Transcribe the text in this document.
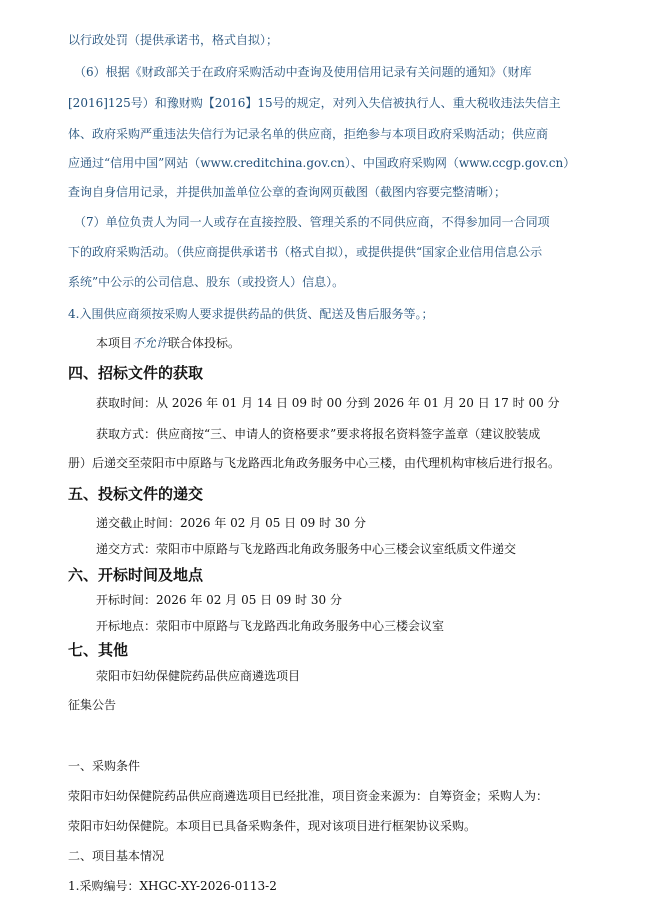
以行政处罚（提供承诺书，格式自拟）；

（6）根据《财政部关于在政府采购活动中查询及使用信用记录有关问题的通知》（财库

[2016]125号）和豫财购【2016】15号的规定，对列入失信被执行人、重大税收违法失信主

体、政府采购严重违法失信行为记录名单的供应商，拒绝参与本项目政府采购活动；供应商

应通过“信用中国”网站（www.creditchina.gov.cn）、中国政府采购网（www.ccgp.gov.cn）

查询自身信用记录，并提供加盖单位公章的查询网页截图（截图内容要完整清晰）；

（7）单位负责人为同一人或存在直接控股、管理关系的不同供应商，不得参加同一合同项

下的政府采购活动。（供应商提供承诺书（格式自拟），或提供提供“国家企业信用信息公示

系统”中公示的公司信息、股东（或投资人）信息）。

4.入围供应商须按采购人要求提供药品的供货、配送及售后服务等。；

本项目不允许联合体投标。

四、招标文件的获取

获取时间：从 2026 年 01 月 14 日 09 时 00 分到 2026 年 01 月 20 日 17 时 00 分

获取方式：供应商按“三、申请人的资格要求”要求将报名资料签字盖章（建议胶装成

册）后递交至荥阳市中原路与飞龙路西北角政务服务中心三楼，由代理机构审核后进行报名。

五、投标文件的递交

递交截止时间：2026 年 02 月 05 日 09 时 30 分

递交方式：荥阳市中原路与飞龙路西北角政务服务中心三楼会议室纸质文件递交

六、开标时间及地点

开标时间：2026 年 02 月 05 日 09 时 30 分

开标地点：荥阳市中原路与飞龙路西北角政务服务中心三楼会议室

七、其他

荥阳市妇幼保健院药品供应商遴选项目

征集公告

一、采购条件

荥阳市妇幼保健院药品供应商遴选项目已经批准，项目资金来源为：自筹资金；采购人为：

荥阳市妇幼保健院。本项目已具备采购条件，现对该项目进行框架协议采购。

二、项目基本情况

1.采购编号：XHGC-XY-2026-0113-2
